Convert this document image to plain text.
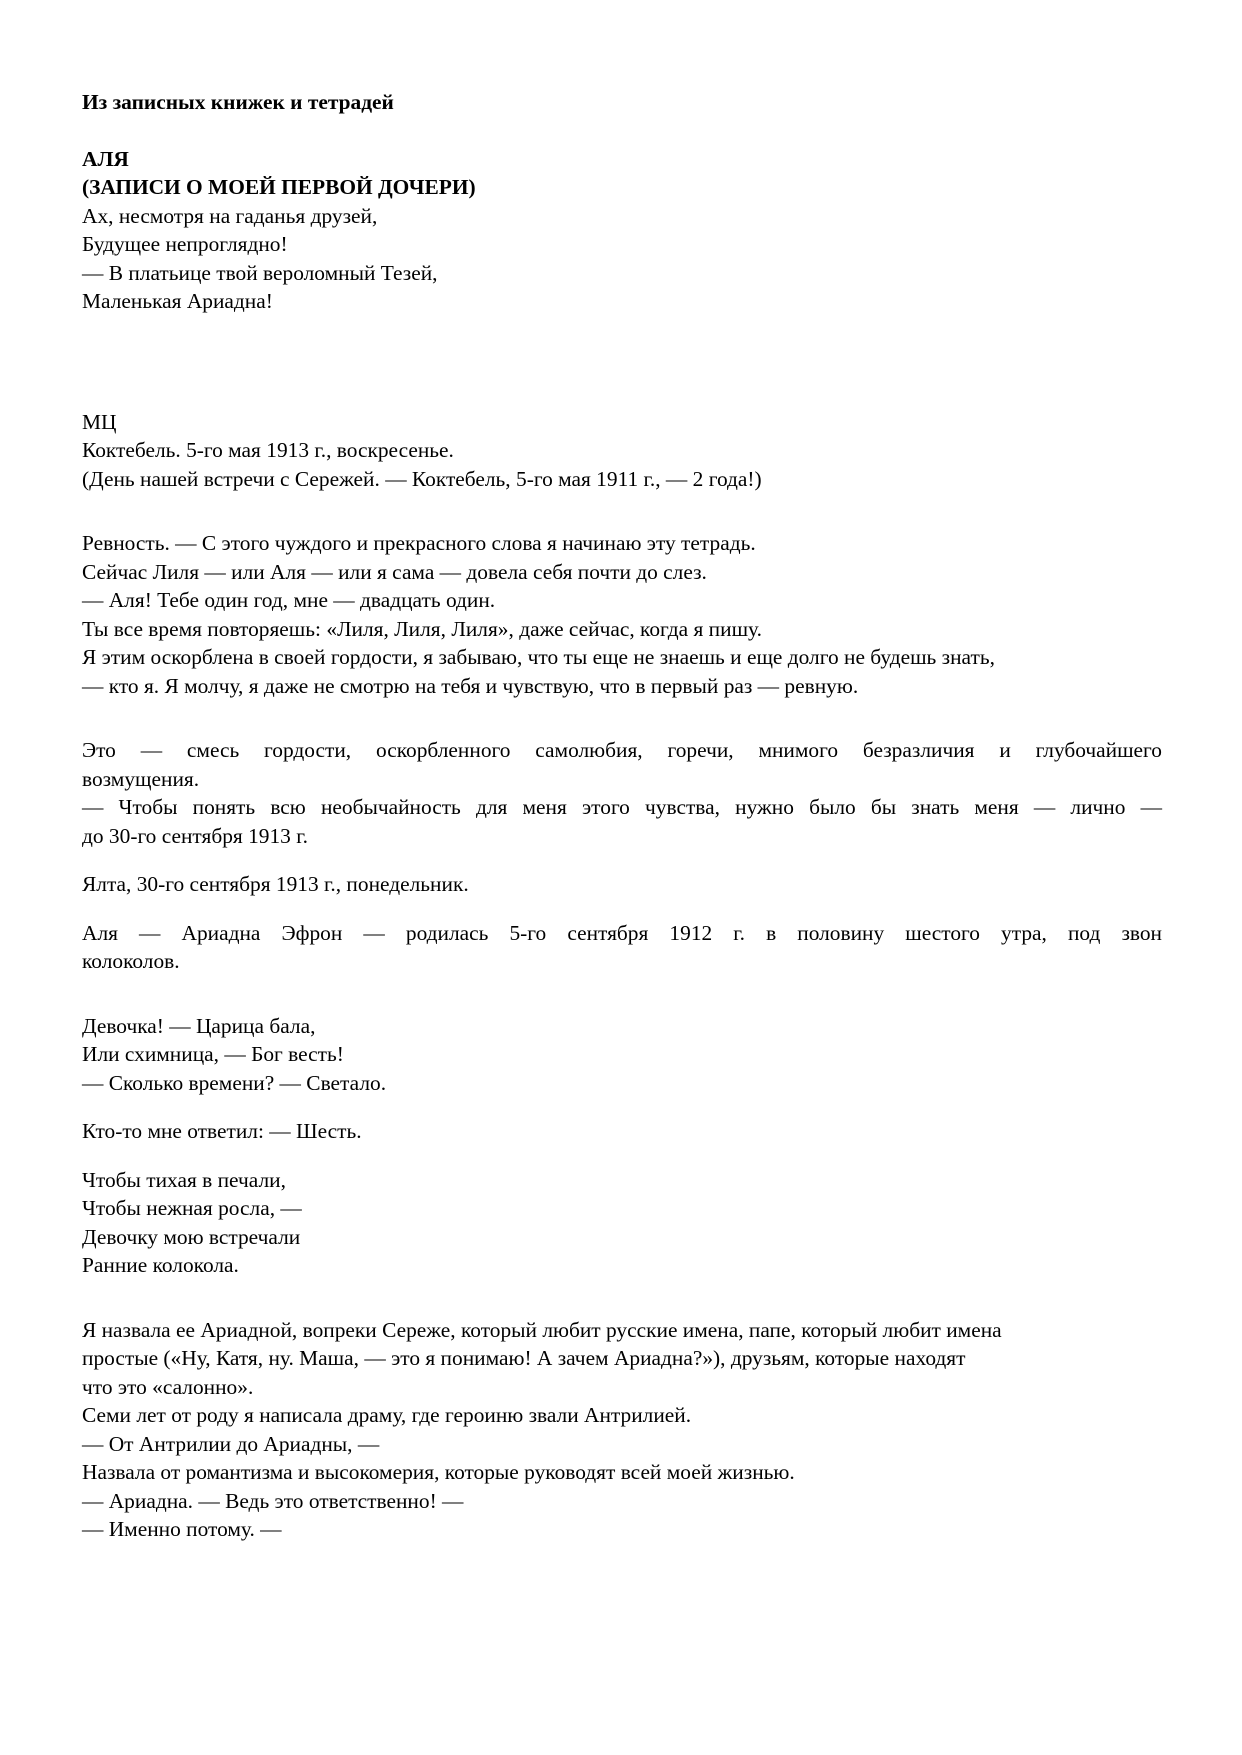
Из записных книжек и тетрадей
АЛЯ
(ЗАПИСИ О МОЕЙ ПЕРВОЙ ДОЧЕРИ)
Ах, несмотря на гаданья друзей,
Будущее непроглядно!
— В платьице твой вероломный Тезей,
Маленькая Ариадна!
МЦ
Коктебель. 5-го мая 1913 г., воскресенье.
(День нашей встречи с Сережей. — Коктебель, 5-го мая 1911 г., — 2 года!)
Ревность. — С этого чуждого и прекрасного слова я начинаю эту тетрадь.
Сейчас Лиля — или Аля — или я сама — довела себя почти до слез.
— Аля! Тебе один год, мне — двадцать один.
Ты все время повторяешь: «Лиля, Лиля, Лиля», даже сейчас, когда я пишу.
Я этим оскорблена в своей гордости, я забываю, что ты еще не знаешь и еще долго не будешь знать,
— кто я. Я молчу, я даже не смотрю на тебя и чувствую, что в первый раз — ревную.
Это — смесь гордости, оскорбленного самолюбия, горечи, мнимого безразличия и глубочайшего
возмущения.
— Чтобы понять всю необычайность для меня этого чувства, нужно было бы знать меня — лично —
до 30-го сентября 1913 г.
Ялта, 30-го сентября 1913 г., понедельник.
Аля — Ариадна Эфрон — родилась 5-го сентября 1912 г. в половину шестого утра, под звон
колоколов.
Девочка! — Царица бала,
Или схимница, — Бог весть!
— Сколько времени? — Светало.
Кто-то мне ответил: — Шесть.
Чтобы тихая в печали,
Чтобы нежная росла, —
Девочку мою встречали
Ранние колокола.
Я назвала ее Ариадной, вопреки Сереже, который любит русские имена, папе, который любит имена
простые («Ну, Катя, ну. Маша, — это я понимаю! А зачем Ариадна?»), друзьям, которые находят
что это «салонно».
Семи лет от роду я написала драму, где героиню звали Антрилией.
— От Антрилии до Ариадны, —
Назвала от романтизма и высокомерия, которые руководят всей моей жизнью.
— Ариадна. — Ведь это ответственно! —
— Именно потому. —
